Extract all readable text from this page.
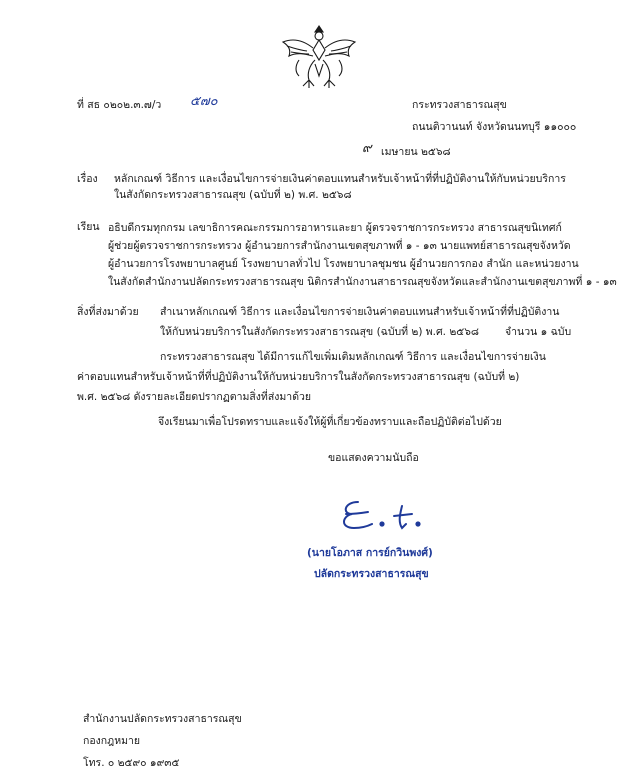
ที่ สธ ๐๒๐๒.๓.๗/ว ๕๗๐	กระทรวงสาธารณสุข
ถนนติวานนท์ จังหวัดนนทบุรี ๑๑๐๐๐
๙ เมษายน ๒๕๖๘
เรื่อง หลักเกณฑ์ วิธีการ และเงื่อนไขการจ่ายเงินค่าตอบแทนสำหรับเจ้าหน้าที่ที่ปฏิบัติงานให้กับหน่วยบริการ
ในสังกัดกระทรวงสาธารณสุข (ฉบับที่ ๒) พ.ศ. ๒๕๖๘
เรียน อธิบดีกรมทุกกรม เลขาธิการคณะกรรมการอาหารและยา ผู้ตรวจราชการกระทรวง สาธารณสุขนิเทศก์
ผู้ช่วยผู้ตรวจราชการกระทรวง ผู้อำนวยการสำนักงานเขตสุขภาพที่ ๑ - ๑๓ นายแพทย์สาธารณสุขจังหวัด
ผู้อำนวยการโรงพยาบาลศูนย์ โรงพยาบาลทั่วไป โรงพยาบาลชุมชน ผู้อำนวยการกอง สำนัก และหน่วยงาน
ในสังกัดสำนักงานปลัดกระทรวงสาธารณสุข นิติกรสำนักงานสาธารณสุขจังหวัดและสำนักงานเขตสุขภาพที่ ๑ - ๑๓
สิ่งที่ส่งมาด้วย สำเนาหลักเกณฑ์ วิธีการ และเงื่อนไขการจ่ายเงินค่าตอบแทนสำหรับเจ้าหน้าที่ที่ปฏิบัติงาน
ให้กับหน่วยบริการในสังกัดกระทรวงสาธารณสุข (ฉบับที่ ๒) พ.ศ. ๒๕๖๘ จำนวน ๑ ฉบับ
กระทรวงสาธารณสุข ได้มีการแก้ไขเพิ่มเติมหลักเกณฑ์ วิธีการ และเงื่อนไขการจ่ายเงิน
ค่าตอบแทนสำหรับเจ้าหน้าที่ที่ปฏิบัติงานให้กับหน่วยบริการในสังกัดกระทรวงสาธารณสุข (ฉบับที่ ๒)
พ.ศ. ๒๕๖๘ ดังรายละเอียดปรากฏตามสิ่งที่ส่งมาด้วย
จึงเรียนมาเพื่อโปรดทราบและแจ้งให้ผู้ที่เกี่ยวข้องทราบและถือปฏิบัติต่อไปด้วย
ขอแสดงความนับถือ
(นายโอภาส การย์กวินพงศ์)
ปลัดกระทรวงสาธารณสุข
สำนักงานปลัดกระทรวงสาธารณสุข
กองกฎหมาย
โทร. ๐ ๒๕๙๐ ๑๙๓๕
